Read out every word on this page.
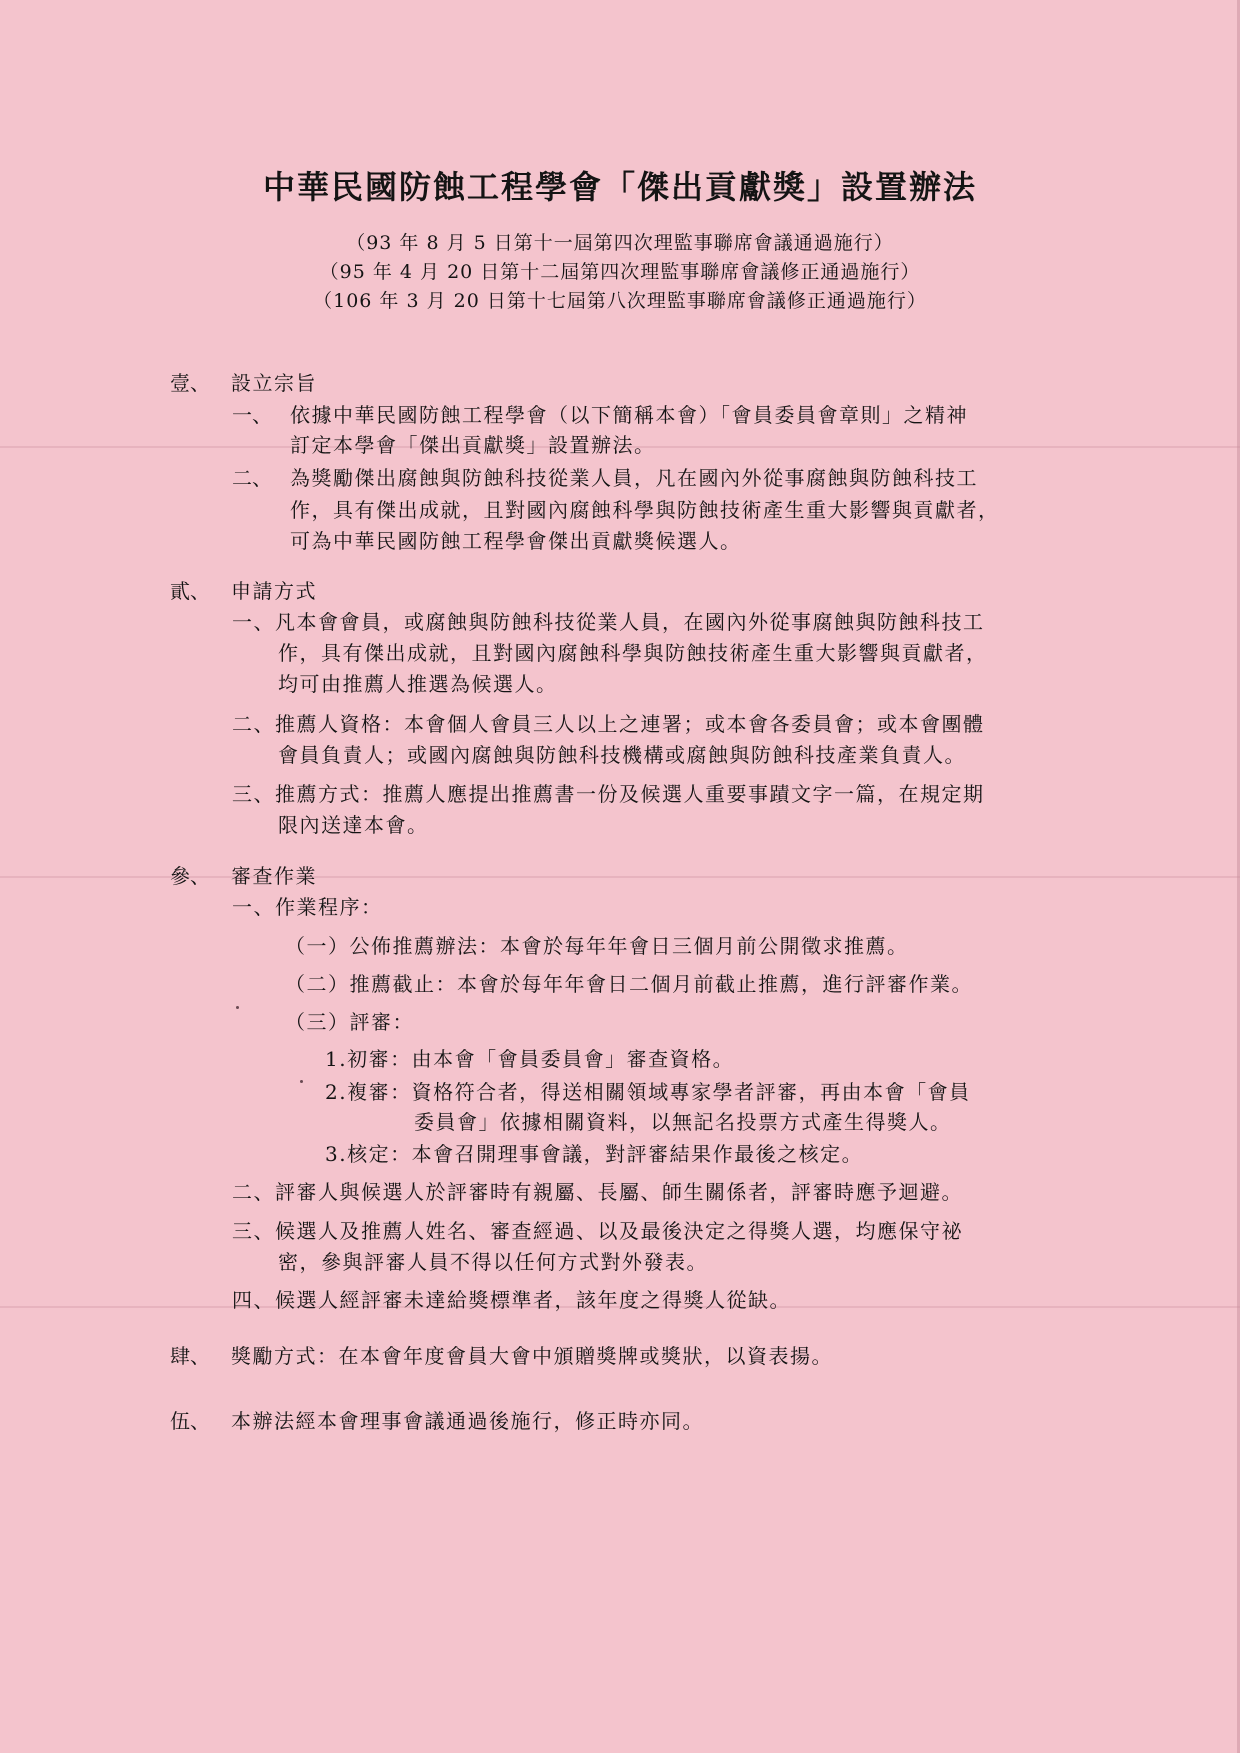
中華民國防蝕工程學會「傑出貢獻獎」設置辦法
（93 年 8 月 5 日第十一屆第四次理監事聯席會議通過施行）
（95 年 4 月 20 日第十二屆第四次理監事聯席會議修正通過施行）
（106 年 3 月 20 日第十七屆第八次理監事聯席會議修正通過施行）
壹、 設立宗旨
一、 依據中華民國防蝕工程學會（以下簡稱本會）「會員委員會章則」之精神
訂定本學會「傑出貢獻獎」設置辦法。
二、 為獎勵傑出腐蝕與防蝕科技從業人員，凡在國內外從事腐蝕與防蝕科技工
作，具有傑出成就，且對國內腐蝕科學與防蝕技術產生重大影響與貢獻者，
可為中華民國防蝕工程學會傑出貢獻獎候選人。
貳、 申請方式
一、凡本會會員，或腐蝕與防蝕科技從業人員，在國內外從事腐蝕與防蝕科技工
作，具有傑出成就，且對國內腐蝕科學與防蝕技術產生重大影響與貢獻者，
均可由推薦人推選為候選人。
二、推薦人資格：本會個人會員三人以上之連署；或本會各委員會；或本會團體
會員負責人；或國內腐蝕與防蝕科技機構或腐蝕與防蝕科技產業負責人。
三、推薦方式：推薦人應提出推薦書一份及候選人重要事蹟文字一篇，在規定期
限內送達本會。
參、 審查作業
一、作業程序：
（一）公佈推薦辦法：本會於每年年會日三個月前公開徵求推薦。
（二）推薦截止：本會於每年年會日二個月前截止推薦，進行評審作業。
（三）評審：
1.初審：由本會「會員委員會」審查資格。
2.複審：資格符合者，得送相關領域專家學者評審，再由本會「會員
委員會」依據相關資料，以無記名投票方式產生得獎人。
3.核定：本會召開理事會議，對評審結果作最後之核定。
二、評審人與候選人於評審時有親屬、長屬、師生關係者，評審時應予迴避。
三、候選人及推薦人姓名、審查經過、以及最後決定之得獎人選，均應保守祕
密，參與評審人員不得以任何方式對外發表。
四、候選人經評審未達給獎標準者，該年度之得獎人從缺。
肆、 獎勵方式：在本會年度會員大會中頒贈獎牌或獎狀，以資表揚。
伍、 本辦法經本會理事會議通過後施行，修正時亦同。
